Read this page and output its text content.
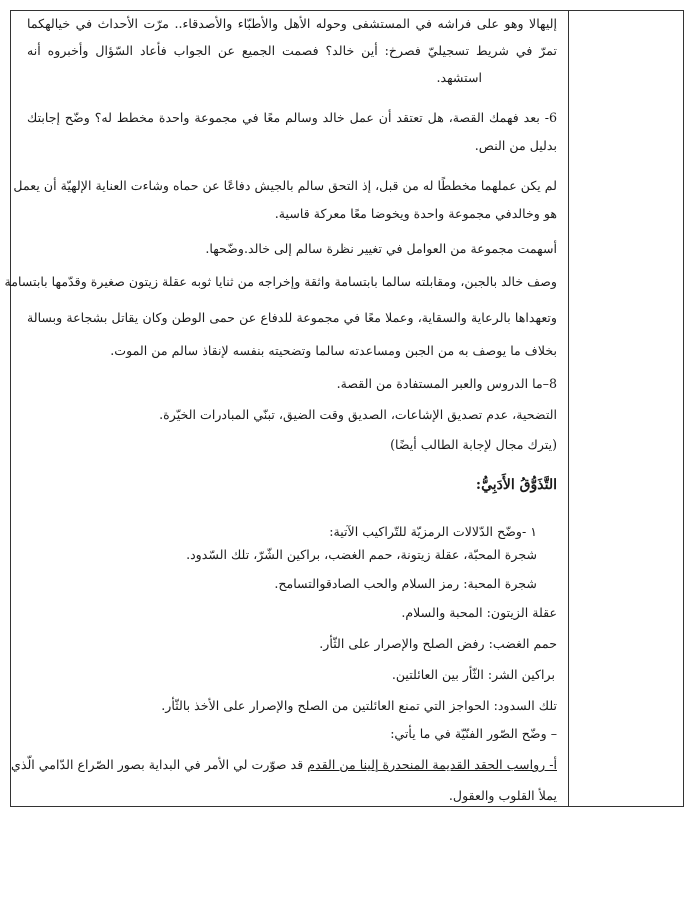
إليهالا وهو على فراشه في المستشفى وحوله الأهل والأطبّاء والأصدقاء.. مرّت الأحداث في خيالهكما
تمرّ في شريط تسجيليّ فصرخ: أين خالد؟ فصمت الجميع عن الجواب فأعاد السّؤال وأخبروه أنه
استشهد.
6- بعد فهمك القصة، هل تعتقد أن عمل خالد وسالم معًا في مجموعة واحدة مخطط له؟ وضّح إجابتك
بدليل من النص.
لم يكن عملهما مخططًا له من قبل، إذ التحق سالم بالجيش دفاعًا عن حماه وشاءت العناية الإلهيّة أن يعمل
هو وخالدفي مجموعة واحدة ويخوضا معًا معركة قاسية.
أسهمت مجموعة من العوامل في تغيير نظرة سالم إلى خالد.وضّحها.
وصف خالد بالجبن، ومقابلته سالما بابتسامة واثقة وإخراجه من ثنايا ثوبه عقلة زيتون صغيرة وقدّمها بابتسامة
وتعهداها بالرعاية والسقاية، وعملا معًا في مجموعة للدفاع عن حمى الوطن وكان يقاتل بشجاعة وبسالة
بخلاف ما يوصف به من الجبن ومساعدته سالما وتضحيته بنفسه لإنقاذ سالم من الموت.
8–ما الدروس والعبر المستفادة من القصة.
التضحية، عدم تصديق الإشاعات، الصديق وقت الضيق، تبنّي المبادرات الخيّرة.
(يترك مجال لإجابة الطالب أيضًا)
التَّذَوُّقُ الأَدَبِيُّ:
١ -وضّح الدّلالات الرمزيّة للتّراكيب الآتية:
شجرة المحبّة، عقلة زيتونة، حمم الغضب، براكين الشّرّ، تلك السّدود.
شجرة المحبة: رمز السلام والحب الصادقوالتسامح.
عقلة الزيتون: المحبة والسلام.
حمم الغضب: رفض الصلح والإصرار على الثّأر.
براكين الشر: الثّأر بين العائلتين.
تلك السدود: الحواجز التي تمنع العائلتين من الصلح والإصرار على الأخذ بالثّأر.
– وضّح الصّور الفنّيّة في ما يأتي:
أ- رواسب الحقد القديمة المنحدرة إلينا من القدم قد صوّرت لي الأمر في البداية بصور الصّراع الدّامي الّذي
يملأ القلوب والعقول.
